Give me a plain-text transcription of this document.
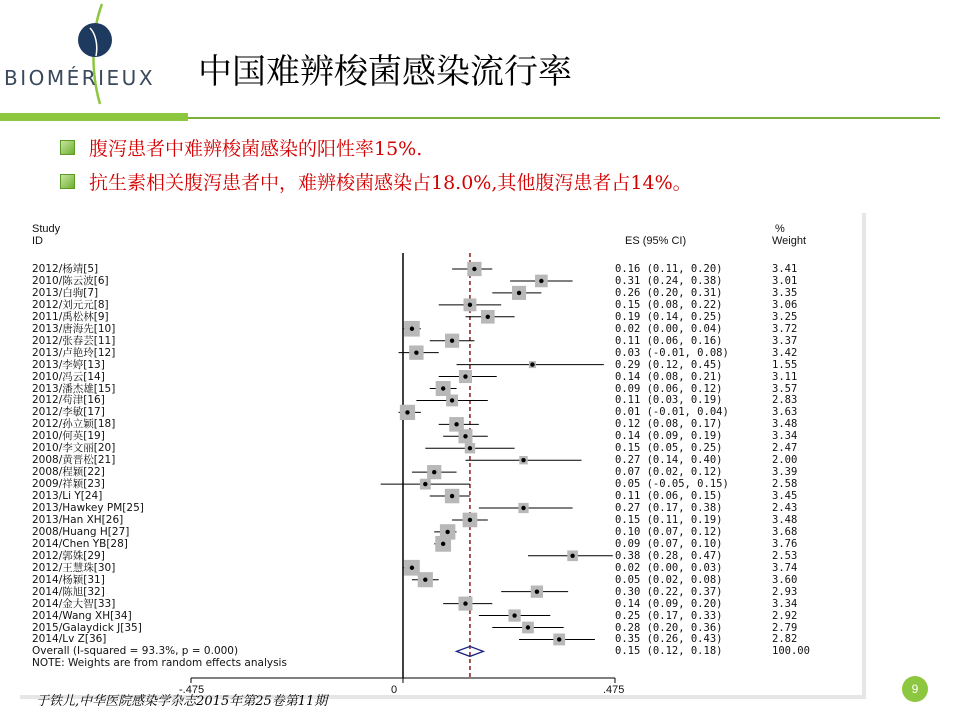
BIOMÉRIEUX 中国难辨梭菌感染流行率
腹泻患者中难辨梭菌感染的阳性率15%.
抗生素相关腹泻患者中，难辨梭菌感染占18.0%,其他腹泻患者占14%。
Study
ID	ES (95% CI)
%
Weight
-.475	0	.475
2012/杨靖[5]	0.16 (0.11, 0.20)	3.41
2010/陈云波[6]	0.31 (0.24, 0.38)	3.01
2013/白驹[7]	0.26 (0.20, 0.31)	3.35
2012/刘元元[8]	0.15 (0.08, 0.22)	3.06
2011/禹松林[9]	0.19 (0.14, 0.25)	3.25
2013/唐海先[10]	0.02 (0.00, 0.04)	3.72
2012/张春芸[11]	0.11 (0.06, 0.16)	3.37
2013/卢艳玲[12]	0.03 (-0.01, 0.08)	3.42
2013/李婷[13]	0.29 (0.12, 0.45)	1.55
2010/冯云[14]	0.14 (0.08, 0.21)	3.11
2013/潘杰雄[15]	0.09 (0.06, 0.12)	3.57
2012/苟津[16]	0.11 (0.03, 0.19)	2.83
2012/李敏[17]	0.01 (-0.01, 0.04)	3.63
2012/孙立颖[18]	0.12 (0.08, 0.17)	3.48
2010/何英[19]	0.14 (0.09, 0.19)	3.34
2010/李文丽[20]	0.15 (0.05, 0.25)	2.47
2008/黄晋松[21]	0.27 (0.14, 0.40)	2.00
2008/程颖[22]	0.07 (0.02, 0.12)	3.39
2009/祥颖[23]	0.05 (-0.05, 0.15)	2.58
2013/Li Y[24]	0.11 (0.06, 0.15)	3.45
2013/Hawkey PM[25]	0.27 (0.17, 0.38)	2.43
2013/Han XH[26]	0.15 (0.11, 0.19)	3.48
2008/Huang H[27]	0.10 (0.07, 0.12)	3.68
2014/Chen YB[28]	0.09 (0.07, 0.10)	3.76
2012/郭姝[29]	0.38 (0.28, 0.47)	2.53
2012/王慧珠[30]	0.02 (0.00, 0.03)	3.74
2014/杨颖[31]	0.05 (0.02, 0.08)	3.60
2014/陈旭[32]	0.30 (0.22, 0.37)	2.93
2014/金大智[33]	0.14 (0.09, 0.20)	3.34
2014/Wang XH[34]	0.25 (0.17, 0.33)	2.92
2015/Galaydick J[35]	0.28 (0.20, 0.36)	2.79
2014/Lv Z[36]	0.35 (0.26, 0.43)	2.82
Overall (I-squared = 93.3%, p = 0.000)	0.15 (0.12, 0.18)	100.00
NOTE: Weights are from random effects analysis
于铁儿,中华医院感染学杂志2015年第25卷第11期
9
